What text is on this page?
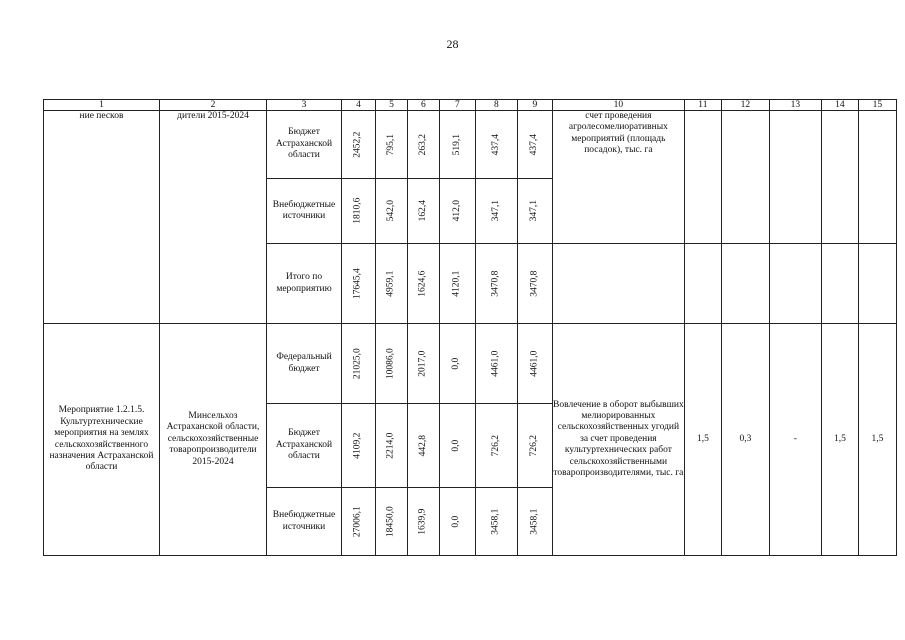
28
1	2	3	4	5	6	7	8	9	10	11	12	13	14	15
ние песков	дители 2015-2024	Бюджет Астраханской области	2452,2	795,1	263,2	519,1	437,4	437,4	счет проведения агролесомелиоративных мероприятий (площадь посадок), тыс. га					
		Внебюджетные источники	1810,6	542,0	162,4	412,0	347,1	347,1						

		Итого по мероприятию	17645,4	4959,1	1624,6	4120,1	3470,8	3470,8						

Мероприятие 1.2.1.5. Культуртехнические мероприятия на землях сельскохозяйственного назначения Астраханской области	Минсельхоз Астраханской области, сельскохозяйственные товаропроизводители 2015-2024	Федеральный бюджет	21025,0	10086,0	2017,0	0,0	4461,0	4461,0	Вовлечение в оборот выбывших мелиорированных сельскохозяйственных угодий за счет проведения культуртехнических работ сельскохозяйственными товаропроизводителями, тыс. га	1,5	0,3	-	1,5	1,5
		Бюджет Астраханской области	4109,2	2214,0	442,8	0,0	726,2	726,2						

		Внебюджетные источники	27006,1	18450,0	1639,9	0,0	3458,1	3458,1						
